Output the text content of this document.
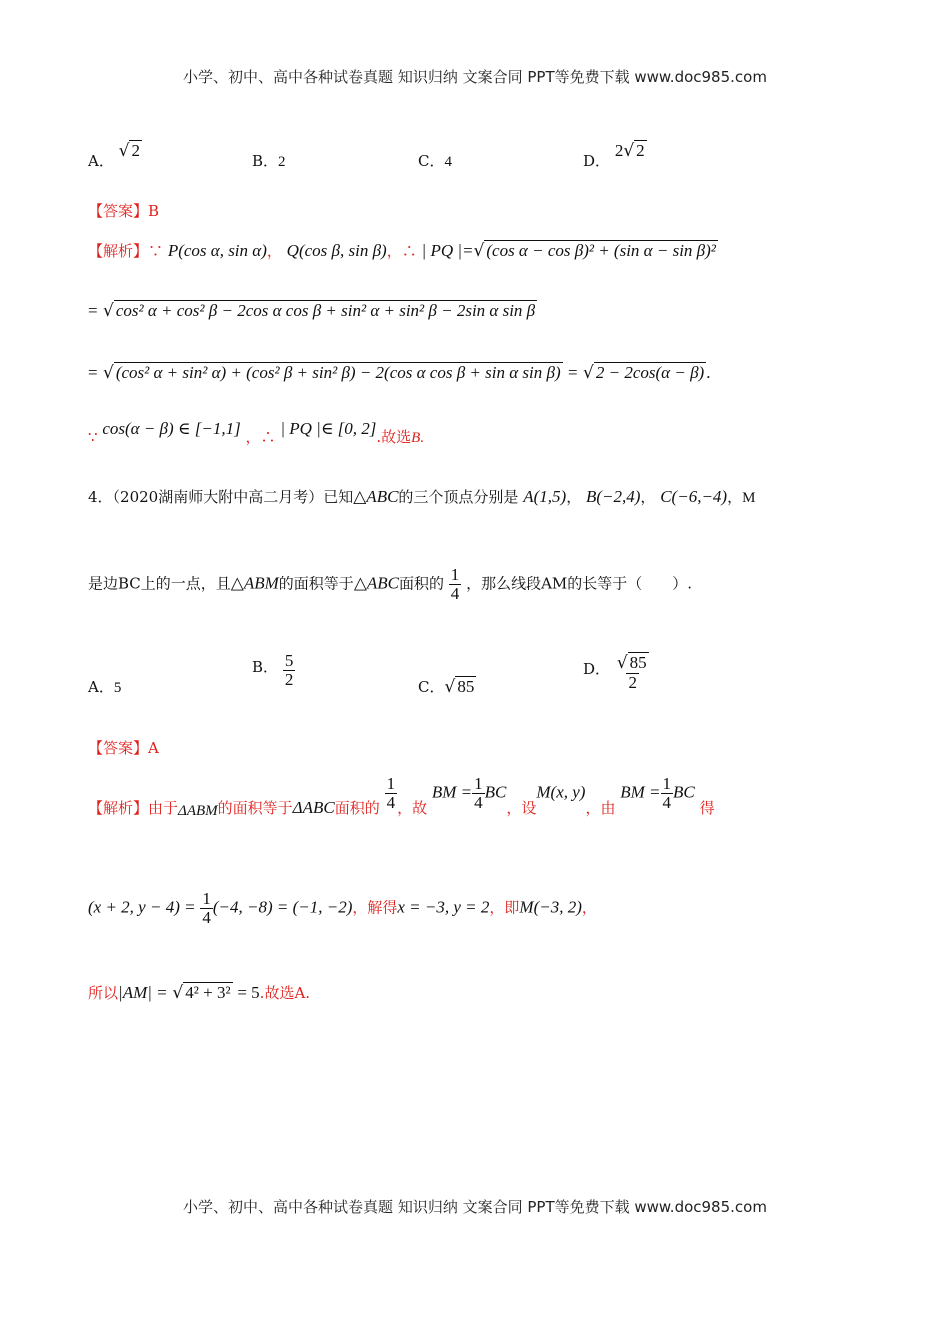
小学、初中、高中各种试卷真题 知识归纳 文案合同 PPT等免费下载 www.doc985.com
A． √ 2
B．2	C．4	D． 2√ 2
【答案】B
【解析】∵ P(cos α, sin α)， Q(cos β, sin β)，∴ | PQ |=√ (cos α − cos β)² + (sin α − sin β)²
= √ cos² α + cos² β − 2cos α cos β + sin² α + sin² β − 2sin α sin β
= √ (cos² α + sin² α) + (cos² β + sin² β) − 2(cos α cos β + sin α sin β) = √ 2 − 2cos(α − β) .
∵ cos(α − β) ∈ [−1,1] ，∴ | PQ |∈ [0, 2].故选B.
4．（2020湖南师大附中高二月考）已知△ABC的三个顶点分别是 A(1,5)， B(−2,4)， C(−6,−4)，M
是边BC上的一点，且△ABM的面积等于△ABC面积的 $\frac{1}{4}$ ，那么线段AM的长等于（　　）.
A．5
B． $\frac{5}{2}$	C．√ 85
D． $\frac{√ 85}{2}$
【答案】A
【解析】由于ΔABM的面积等于ΔABC面积的 $\frac{1}{4}$ ，故 BM = $\frac{1}{4}$ BC，设M(x, y)，由 BM = $\frac{1}{4}$ BC 得
(x + 2, $y - 4) = \frac{1}{4} (-4$, −8) = (−1, −2)，解得x = −3, y = 2，即M(−3, 2)，
所以|AM| = √ 4² + 3² = 5.故选A.
小学、初中、高中各种试卷真题 知识归纳 文案合同 PPT等免费下载 www.doc985.com
